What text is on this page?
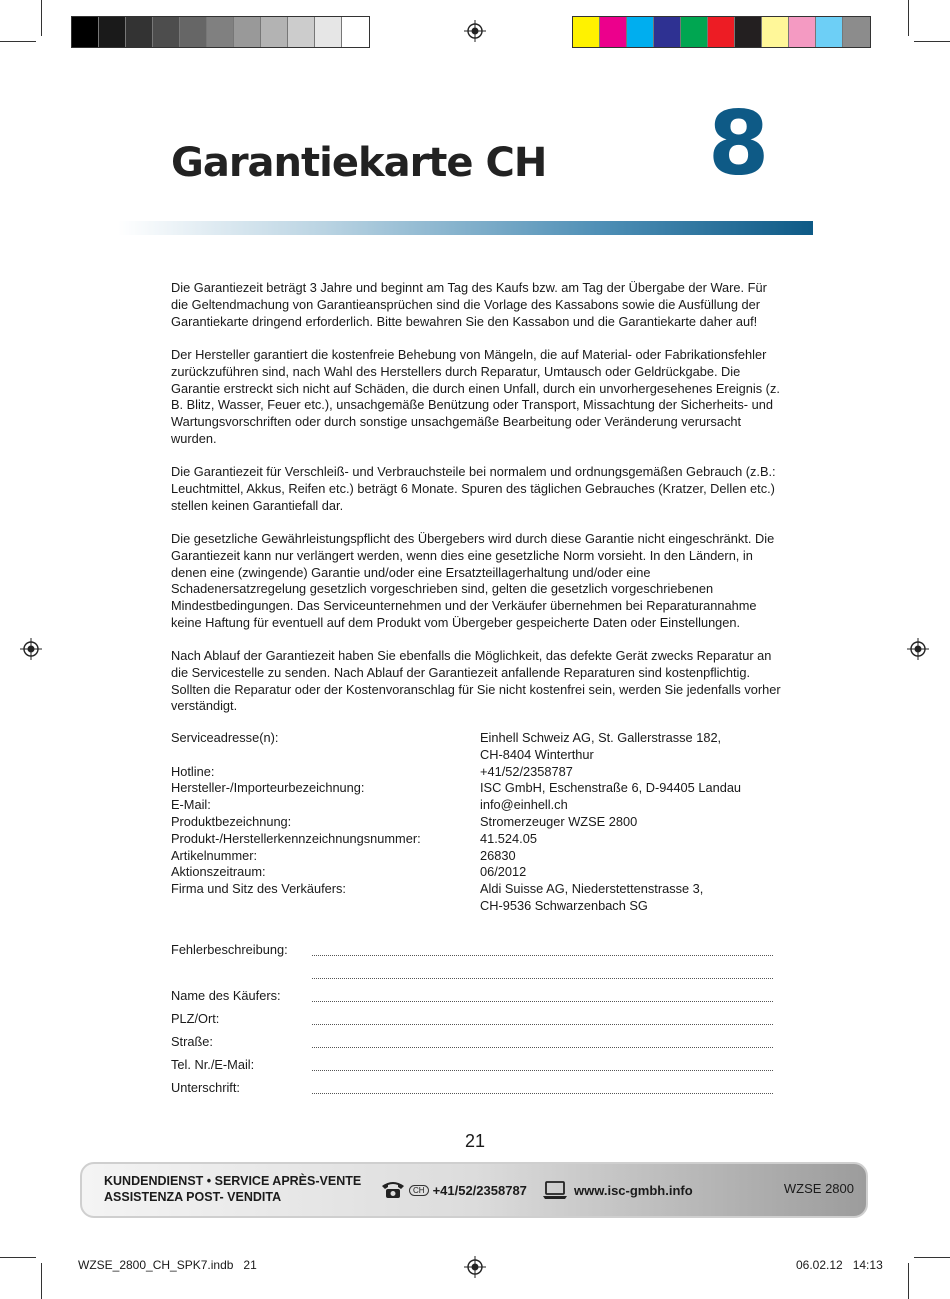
Garantiekarte CH 8

Die Garantiezeit beträgt 3 Jahre und beginnt am Tag des Kaufs bzw. am Tag der Übergabe der Ware. Für die Geltendmachung von Garantieansprüchen sind die Vorlage des Kassabons sowie die Ausfüllung der Garantiekarte dringend erforderlich. Bitte bewahren Sie den Kassabon und die Garantiekarte daher auf!

Der Hersteller garantiert die kostenfreie Behebung von Mängeln, die auf Material- oder Fabrikationsfehler zurückzuführen sind, nach Wahl des Herstellers durch Reparatur, Umtausch oder Geldrückgabe. Die Garantie erstreckt sich nicht auf Schäden, die durch einen Unfall, durch ein unvorhergesehenes Ereignis (z. B. Blitz, Wasser, Feuer etc.), unsachgemäße Benützung oder Transport, Missachtung der Sicherheits- und Wartungsvorschriften oder durch sonstige unsachgemäße Bearbeitung oder Veränderung verursacht wurden.

Die Garantiezeit für Verschleiß- und Verbrauchsteile bei normalem und ordnungsgemäßen Gebrauch (z.B.: Leuchtmittel, Akkus, Reifen etc.) beträgt 6 Monate. Spuren des täglichen Gebrauches (Kratzer, Dellen etc.) stellen keinen Garantiefall dar.

Die gesetzliche Gewährleistungspflicht des Übergebers wird durch diese Garantie nicht eingeschränkt. Die Garantiezeit kann nur verlängert werden, wenn dies eine gesetzliche Norm vorsieht. In den Ländern, in denen eine (zwingende) Garantie und/oder eine Ersatzteillagerhaltung und/oder eine Schadenersatzregelung gesetzlich vorgeschrieben sind, gelten die gesetzlich vorgeschriebenen Mindestbedingungen. Das Serviceunternehmen und der Verkäufer übernehmen bei Reparaturannahme keine Haftung für eventuell auf dem Produkt vom Übergeber gespeicherte Daten oder Einstellungen.

Nach Ablauf der Garantiezeit haben Sie ebenfalls die Möglichkeit, das defekte Gerät zwecks Reparatur an die Servicestelle zu senden. Nach Ablauf der Garantiezeit anfallende Reparaturen sind kostenpflichtig. Sollten die Reparatur oder der Kostenvoranschlag für Sie nicht kostenfrei sein, werden Sie jedenfalls vorher verständigt.

Serviceadresse(n):	Einhell Schweiz AG, St. Gallerstrasse 182,
CH-8404 Winterthur
Hotline:	+41/52/2358787
Hersteller-/Importeurbezeichnung:	ISC GmbH, Eschenstraße 6, D-94405 Landau
E-Mail:	info@einhell.ch
Produktbezeichnung:	Stromerzeuger WZSE 2800
Produkt-/Herstellerkennzeichnungsnummer:	41.524.05
Artikelnummer:	26830
Aktionszeitraum:	06/2012
Firma und Sitz des Verkäufers:	Aldi Suisse AG, Niederstettenstrasse 3,
CH-9536 Schwarzenbach SG
Fehlerbeschreibung:
Name des Käufers:
PLZ/Ort:
Straße:
Tel. Nr./E-Mail:
Unterschrift:
21
KUNDENDIENST • SERVICE APRÈS-VENTE
ASSISTENZA POST- VENDITA	CH +41/52/2358787	www.isc-gmbh.info	WZSE 2800
WZSE_2800_CH_SPK7.indb   21	06.02.12   14:13
